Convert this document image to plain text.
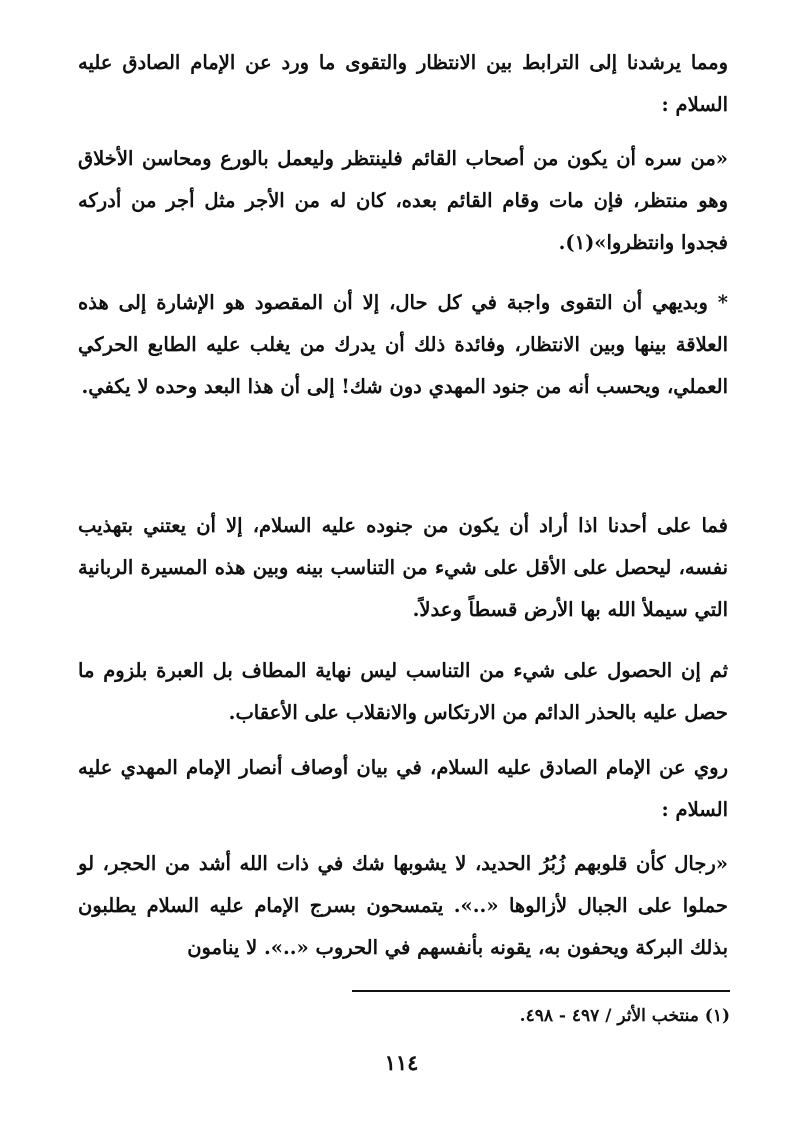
ومما يرشدنا إلى الترابط بين الانتظار والتقوى ما ورد عن الإمام الصادق عليه السلام :

«من سره أن يكون من أصحاب القائم فلينتظر وليعمل بالورع ومحاسن الأخلاق وهو منتظر، فإن مات وقام القائم بعده، كان له من الأجر مثل أجر من أدركه فجدوا وانتظروا»(١).

* وبديهي أن التقوى واجبة في كل حال، إلا أن المقصود هو الإشارة إلى هذه العلاقة بينها وبين الانتظار، وفائدة ذلك أن يدرك من يغلب عليه الطابع الحركي العملي، ويحسب أنه من جنود المهدي دون شك! إلى أن هذا البعد وحده لا يكفي.

فما على أحدنا اذا أراد أن يكون من جنوده عليه السلام، إلا أن يعتني بتهذيب نفسه، ليحصل على الأقل على شيء من التناسب بينه وبين هذه المسيرة الربانية التي سيملأ الله بها الأرض قسطاً وعدلاً.

ثم إن الحصول على شيء من التناسب ليس نهاية المطاف بل العبرة بلزوم ما حصل عليه بالحذر الدائم من الارتكاس والانقلاب على الأعقاب.

روي عن الإمام الصادق عليه السلام، في بيان أوصاف أنصار الإمام المهدي عليه السلام :

«رجال كأن قلوبهم زُبُرُ الحديد، لا يشوبها شك في ذات الله أشد من الحجر، لو حملوا على الجبال لأزالوها «..». يتمسحون بسرج الإمام عليه السلام يطلبون بذلك البركة ويحفون به، يقونه بأنفسهم في الحروب «..». لا ينامون

(١) منتخب الأثر / ٤٩٧ - ٤٩٨.

١١٤
